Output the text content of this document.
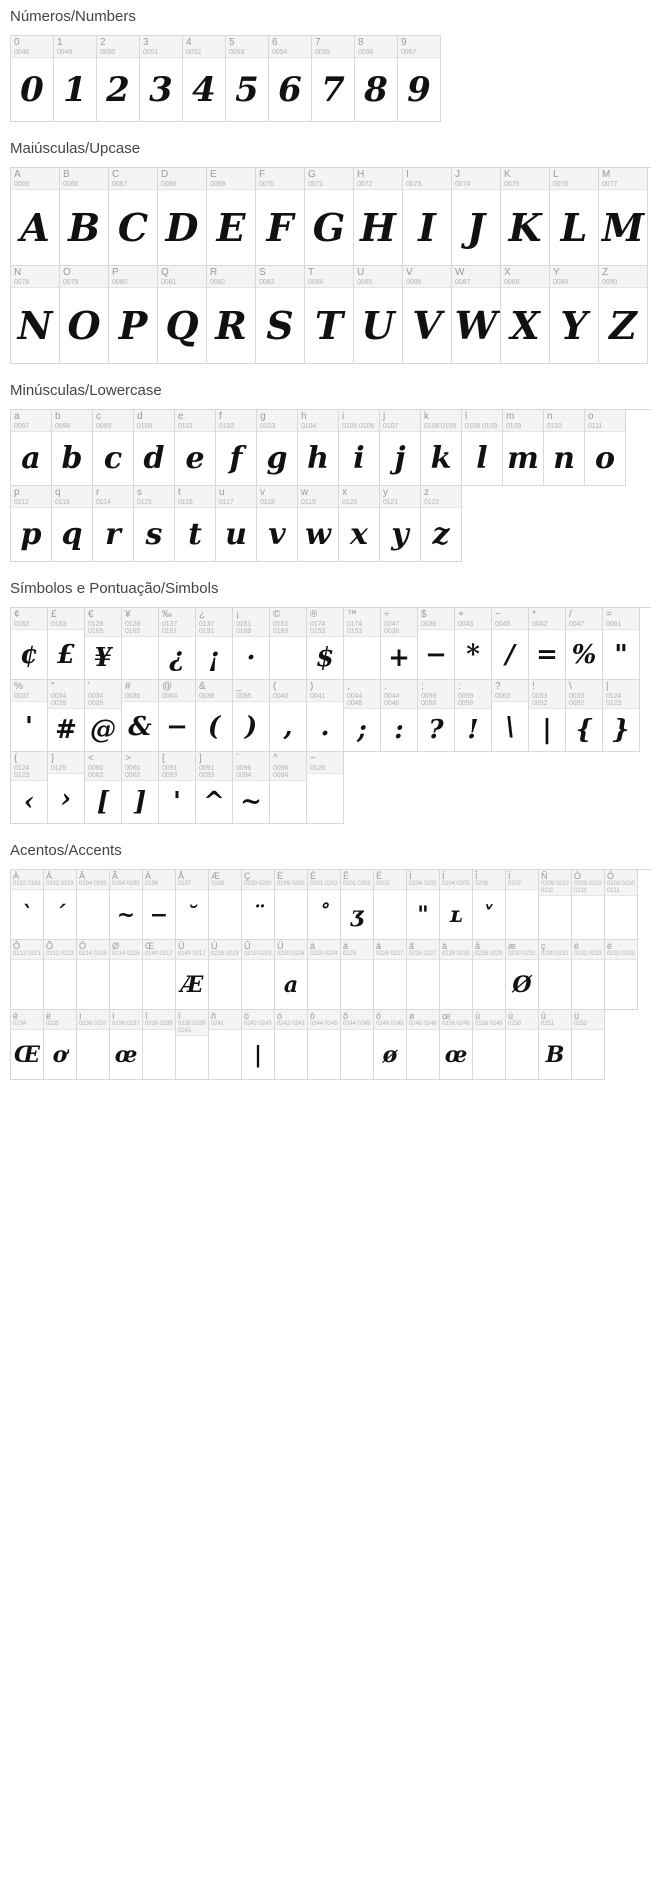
Números/Numbers
0
0048
0
1
0049
1
2
0050
2
3
0051
3
4
0052
4
5
0053
5
6
0054
6
7
0055
7
8
0056
8
9
0057
9
Maiúsculas/Upcase
A
0065
A
B
0066
B
C
0067
C
D
0068
D
E
0069
E
F
0070
F
G
0071
G
H
0072
H
I
0073
I
J
0074
J
K
0075
K
L
0076
L
M
0077
M
N
0078
N
O
0079
O
P
0080
P
Q
0081
Q
R
0082
R
S
0083
S
T
0084
T
U
0085
U
V
0086
V
W
0087
W
X
0088
X
Y
0089
Y
Z
0090
Z
Minúsculas/Lowercase
a
0097
a
b
0098
b
c
0099
c
d
0100
d
e
0101
e
f
0102
f
g
0103
g
h
0104
h
i
0105 0106
i
j
0107
j
k
0108 0109
k
l
0108 0109
l
m
0109
m
n
0110
n
o
0111
o
p
0112
p
q
0113
q
r
0114
r
s
0115
s
t
0116
t
u
0117
u
v
0118
v
w
0119
w
x
0120
x
y
0121
y
z
0122
z
Símbolos e Pontuação/Simbols
¢
0162
¢
£
0163
£
€
0128 0165
¥
¥
0128 0165
‰
0137 0191
¿
¿
0137 0191
¡
¡
0161 0169
·
©
0161 0169
®
0174 0153
$
™
0174 0153
÷
0247 0036
+
$
0036
−
+
0043
*
−
0045
/
*
0042
=
/
0047
%
=
0061
"
%
0037
'
"
0034 0039
#
'
0034 0039
@
#
0035
&
@
0064
−
&
0038
(
_
0095
)
(
0040
,
)
0041
.
,
0044 0046
;
.
0044 0046
:
;
0059 0058
?
:
0059 0058
!
?
0063
\
!
0033 0092
|
\
0033 0092
{
|
0124 0123
}
{
0124 0123
‹
}
0125
›
<
0060 0062
[
>
0060 0062
]
[
0091 0093
'
]
0091 0093
^
`
0096 0094
~
^
0096 0094
~
0126
Acentos/Accents
À
0192 0193
`
Á
0192 0193
´
Â
0194 0195
Ã
0194 0195
~
Ä
0196
−
Å
0197
˘
Æ
0198
Ç
0199 0200
¨
È
0199 0200
É
0201 0202
˚
Ê
0201 0202
ʒ
Ë
0203
Ì
0204 0205
"
Í
0204 0205
ʟ
Î
0206
˅
Ï
0207
Ñ
0209 0210 0211
Ò
0209 0210 0211
Ó
0209 0210 0211
Ô
0212 0213
Õ
0212 0213
Ö
0214 0216
Ø
0214 0216
Œ
0140 0217
Ù
0140 0217
Æ
Ú
0218 0219
Û
0218 0219
Ü
0220 0224
a
à
0220 0224
á
0225
â
0226 0227
ã
0226 0227
ä
0228 0229
å
0228 0229
æ
0230 0231
Ø
ç
0230 0231
è
0232 0233
é
0232 0233
ê
0234
Œ
ë
0235
ơ
ì
0236 0237
í
0236 0237
œ
î
0238 0239
ï
0238 0239 0241
ñ
0241
ò
0242 0243
|
ó
0242 0243
ô
0244 0245
õ
0244 0245
ö
0246 0248
ø
ø
0246 0248
œ
0156 0249
œ
ù
0156 0249
ú
0250
û
0251
B
ü
0252
